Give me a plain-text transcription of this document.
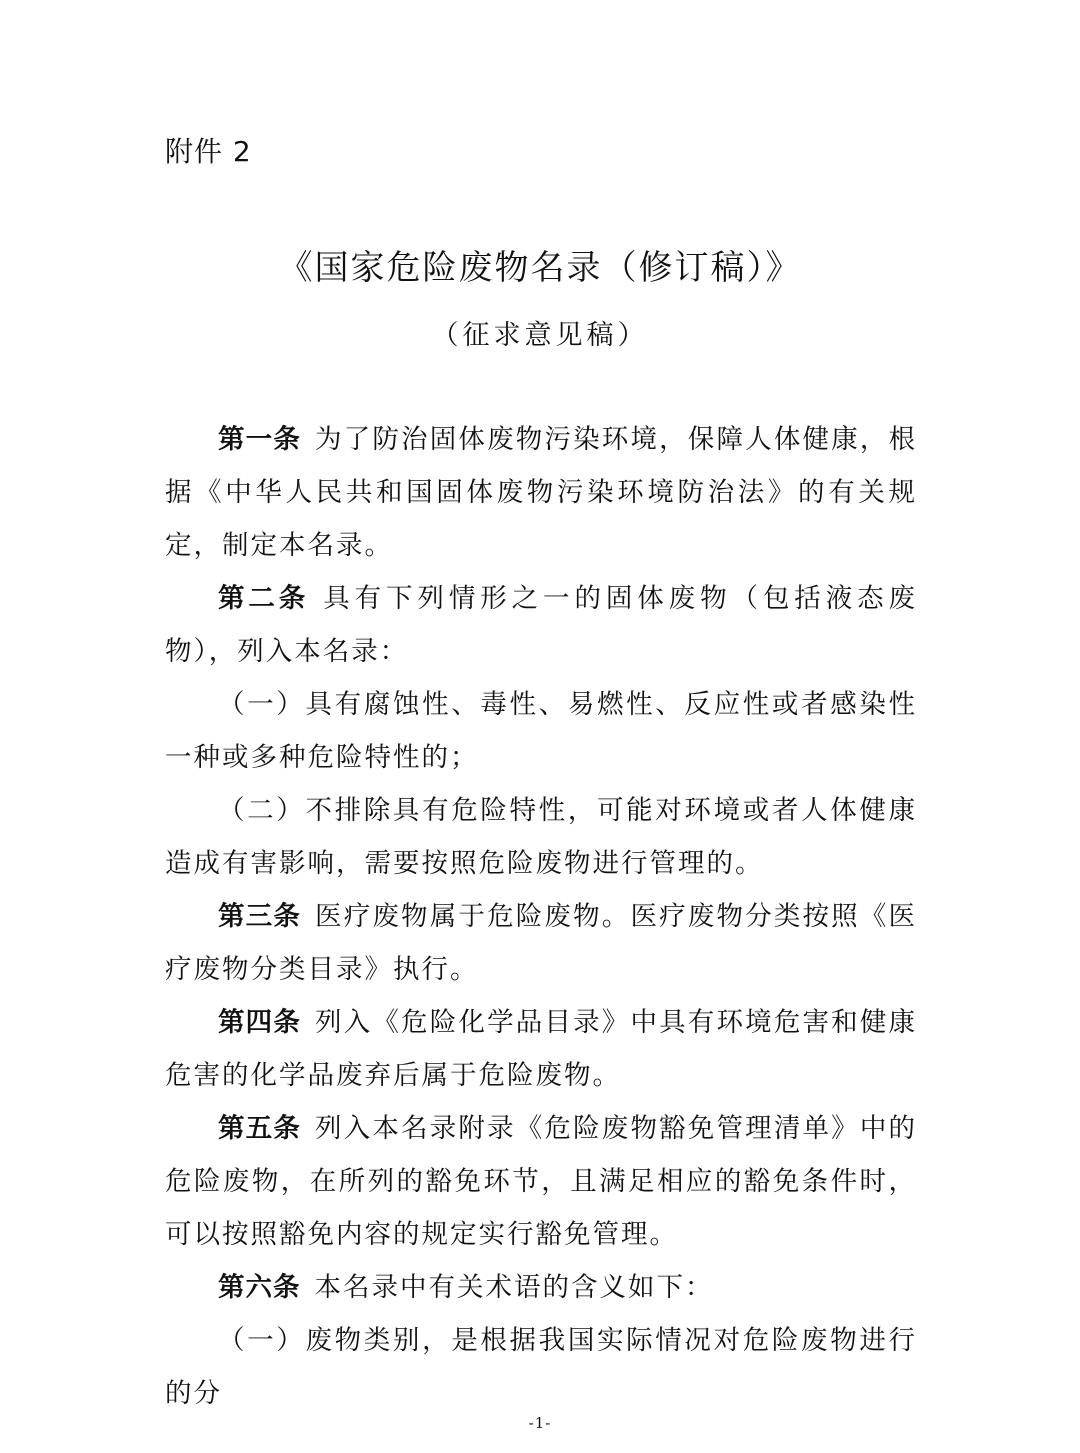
附件 2
《国家危险废物名录（修订稿）》
（征求意见稿）

第一条 为了防治固体废物污染环境，保障人体健康，根据《中华人民共和国固体废物污染环境防治法》的有关规定，制定本名录。

第二条 具有下列情形之一的固体废物（包括液态废物），列入本名录：

（一）具有腐蚀性、毒性、易燃性、反应性或者感染性一种或多种危险特性的；

（二）不排除具有危险特性，可能对环境或者人体健康造成有害影响，需要按照危险废物进行管理的。

第三条 医疗废物属于危险废物。医疗废物分类按照《医疗废物分类目录》执行。

第四条 列入《危险化学品目录》中具有环境危害和健康危害的化学品废弃后属于危险废物。

第五条 列入本名录附录《危险废物豁免管理清单》中的危险废物，在所列的豁免环节，且满足相应的豁免条件时，可以按照豁免内容的规定实行豁免管理。

第六条 本名录中有关术语的含义如下：

（一）废物类别，是根据我国实际情况对危险废物进行的分

-1-
